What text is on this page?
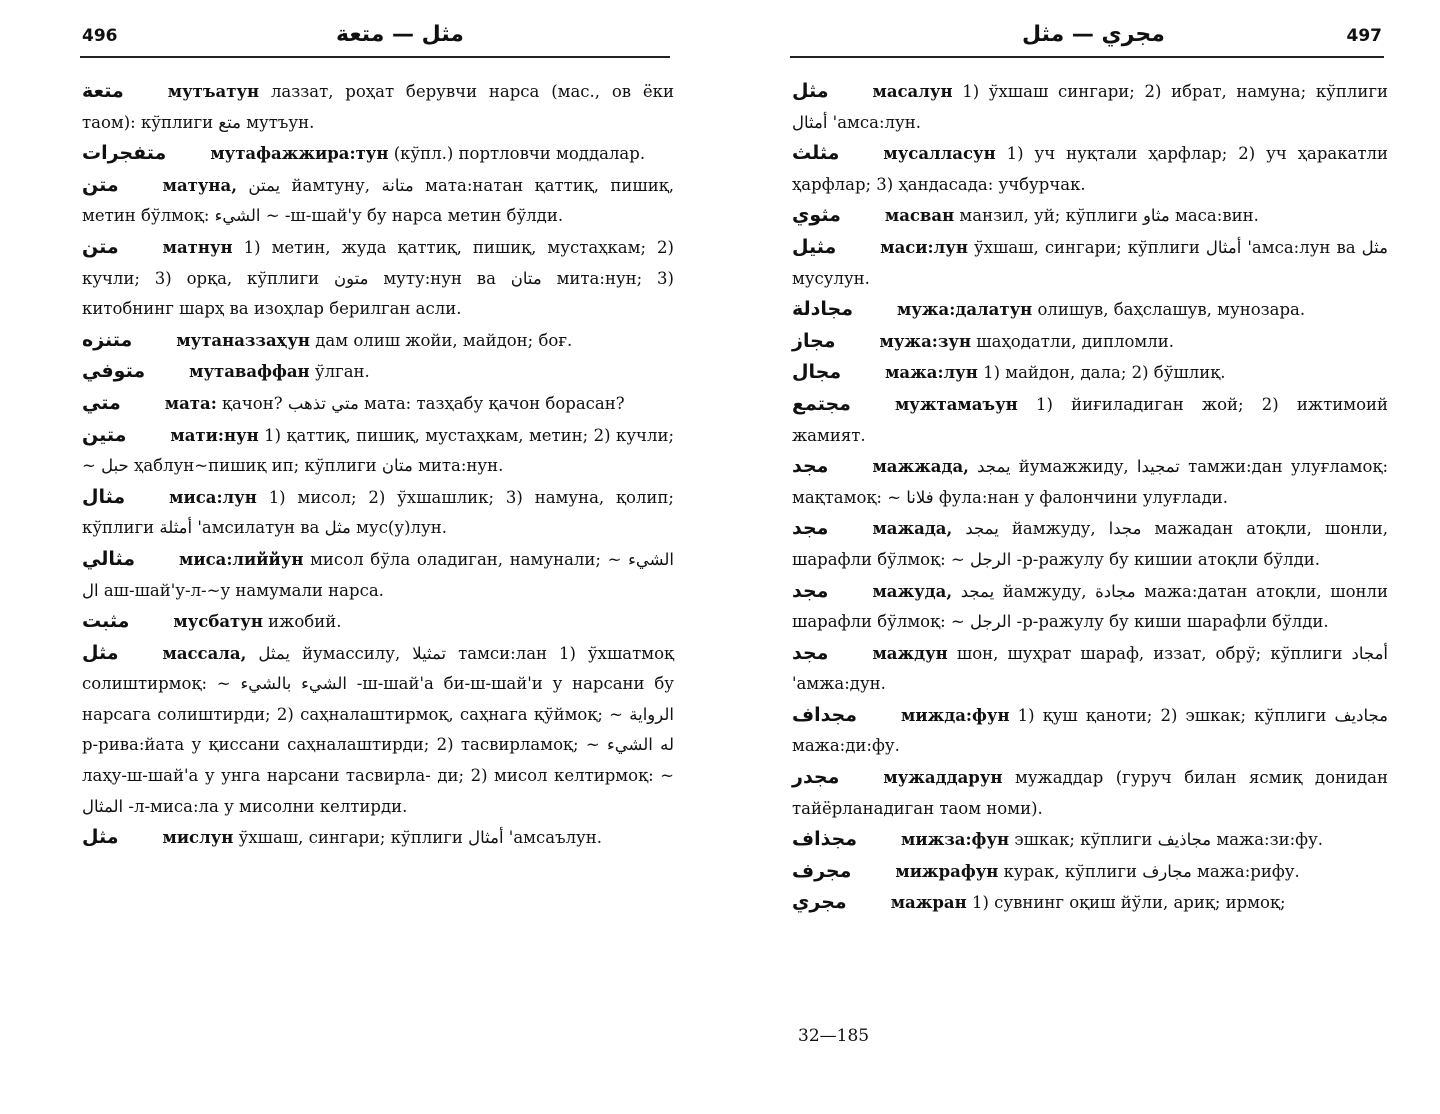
496	مثل — متعة

متعة	мутъатун лаззат, роҳат берувчи нарса (мас., ов ёки таом): кўплиги متع мутъун.

متفجرات	мутафажжира:тун (кўпл.) портловчи моддалар.

متن	матуна, يمتن йамтуну, متانة мата:натан қаттиқ, пишиқ, метин бўлмоқ: الشيء ~ -ш-шай'у бу нарса метин бўлди.

متن	матнун 1) метин, жуда қаттиқ, пишиқ, мустаҳкам; 2) кучли; 3) орқа, кўплиги متون муту:нун ва متان мита:нун; 3) китобнинг шарҳ ва изоҳлар берилган асли.

متنزه	мутаназзаҳун дам олиш жойи, майдон; боғ.

متوفي	мутаваффан ўлган.

متي	мата: қачон? متي تذهب мата: тазҳабу қачон борасан?

متين	мати:нун 1) қаттиқ, пишиқ, мустаҳкам, метин; 2) кучли; ~ حبل ҳаблун~пишиқ ип; кўплиги متان мита:нун.

مثال	миса:лун 1) мисол; 2) ўхшашлик; 3) намуна, қолип; кўплиги أمثلة 'амсилатун ва مثل мус(у)лун.

مثالي	миса:лиййун мисол бўла оладиган, намунали; ~ الشيء ال аш-шай'у-л-~у намумали нарса.

مثبت	мусбатун ижобий.

مثل	массала, يمثل йумассилу, تمثيلا тамси:лан 1) ўхшатмоқ солиштирмоқ: ~ الشيء بالشيء -ш-шай'а би-ш-шай'и у нарсани бу нарсага солиштирди; 2) саҳналаштирмоқ, саҳнага қўймоқ; ~ الرواية р-рива:йата у қиссани саҳналаштирди; 2) тасвирламоқ; ~ له الشيء лаҳу-ш-шай'а у унга нарсани тасвирла- ди; 2) мисол келтирмоқ: ~ المثال -л-миса:ла у мисолни келтирди.

مثل	мислун ўхшаш, сингари; кўплиги أمثال 'амсаълун.

مجري — مثل	497

مثل	масалун 1) ўхшаш сингари; 2) ибрат, намуна; кўплиги أمثال 'амса:лун.

مثلث	мусалласун 1) уч нуқтали ҳарфлар; 2) уч ҳаракатли ҳарфлар; 3) ҳандасада: учбурчак.

مثوي	масван манзил, уй; кўплиги مثاو маса:вин.

مثيل	маси:лун ўхшаш, сингари; кўплиги أمثال 'амса:лун ва مثل мусулун.

مجادلة	мужа:далатун олишув, баҳслашув, мунозара.

مجاز	мужа:зун шаҳодатли, дипломли.

مجال	мажа:лун 1) майдон, дала; 2) бўшлиқ.

مجتمع	мужтамаъун 1) йиғиладиган жой; 2) ижтимоий жамият.

مجد	мажжада, يمجد йумажжиду, تمجيدا тамжи:дан улуғламоқ: мақтамоқ: ~ فلانا фула:нан у фалончини улуғлади.

مجد	мажада, يمجد йамжуду, مجدا мажадан атоқли, шонли, шарафли бўлмоқ: ~ الرجل -р-ражулу бу кишии атоқли бўлди.

مجد	мажуда, يمجد йамжуду, مجادة мажа:датан атоқли, шонли шарафли бўлмоқ: ~ الرجل -р-ражулу бу киши шарафли бўлди.

مجد	маждун шон, шуҳрат шараф, иззат, обрў; кўплиги أمجاد 'амжа:дун.

مجداف	мижда:фун 1) қуш қаноти; 2) эшкак; кўплиги مجاديف мажа:ди:фу.

مجدر	мужаддарун мужаддар (гуруч билан ясмиқ донидан тайёрланадиган таом номи).

مجذاف	мижза:фун эшкак; кўплиги مجاذيف мажа:зи:фу.

مجرف	мижрафун курак, кўплиги مجارف мажа:рифу.

مجري	мажран 1) сувнинг оқиш йўли, ариқ; ирмоқ;

32—185
